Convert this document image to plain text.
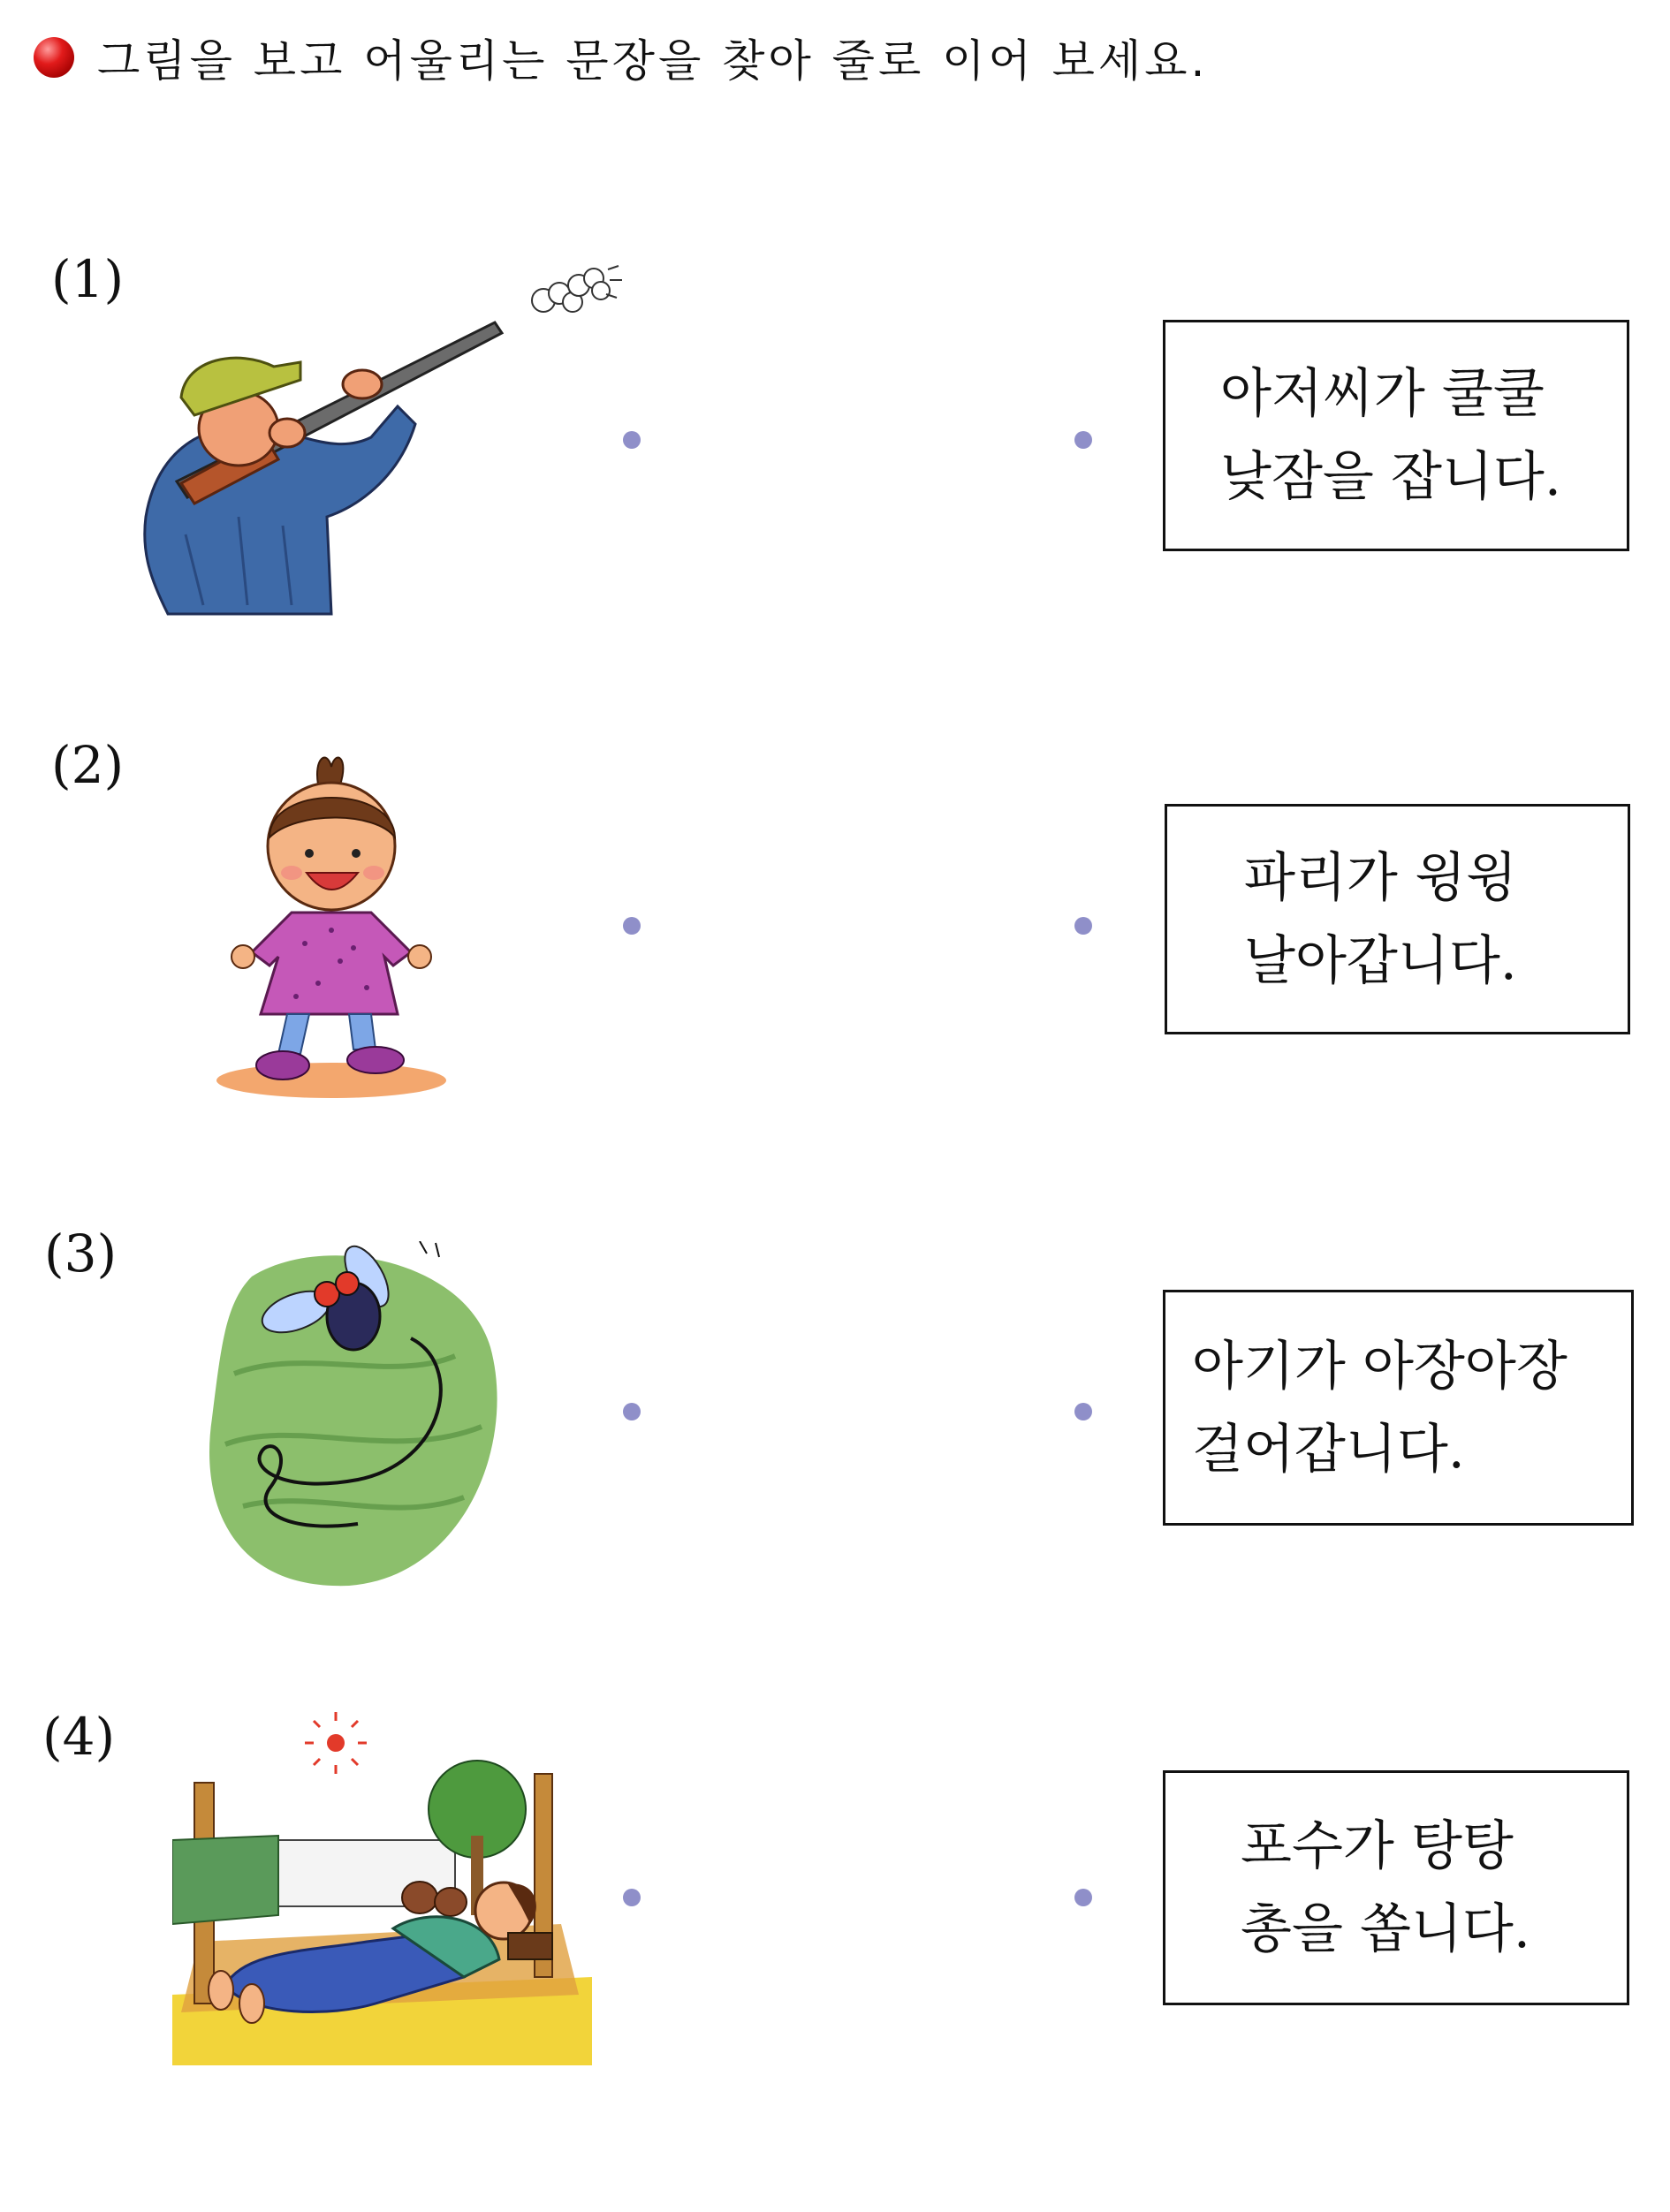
그림을 보고 어울리는 문장을 찾아 줄로 이어 보세요.
(1)
(2)
(3)
(4)
아저씨가 쿨쿨
낮잠을 잡니다.
파리가 윙윙
날아갑니다.
아기가 아장아장
걸어갑니다.
포수가 탕탕
총을 쏩니다.
